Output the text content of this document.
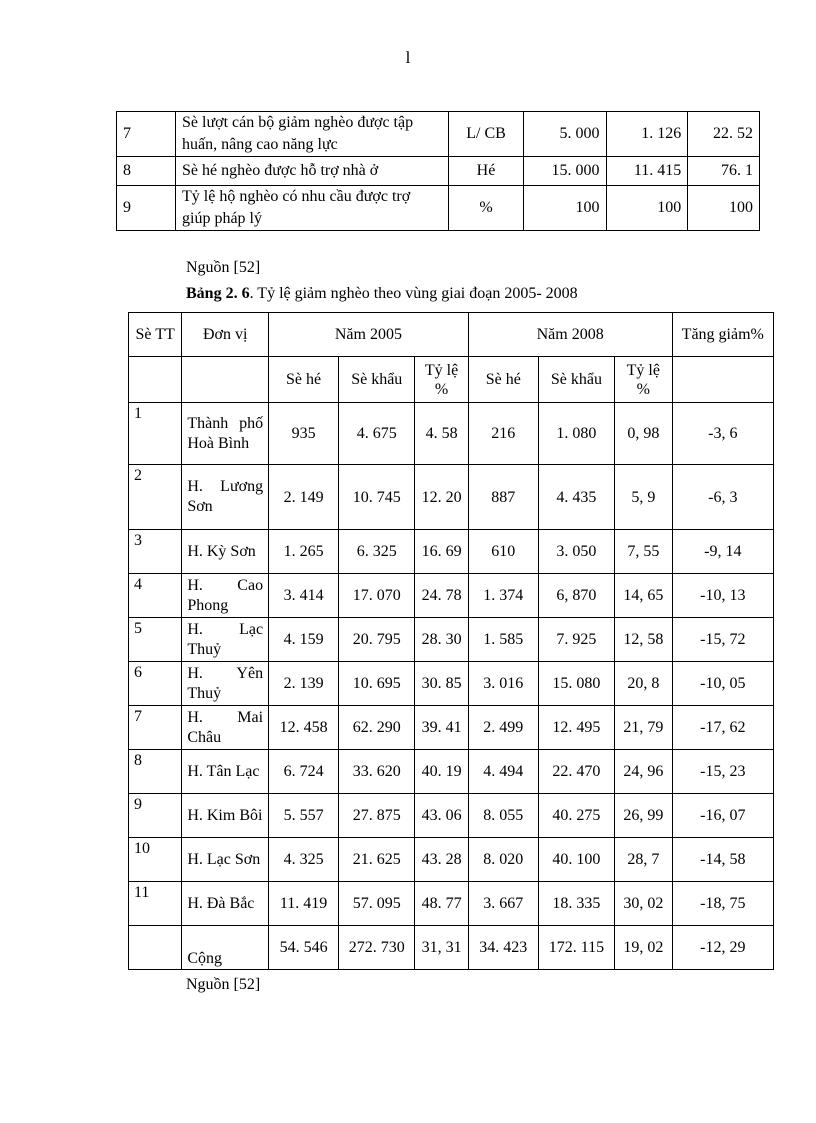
l
7	Sè lượt cán bộ giảm nghèo được tập huấn, nâng cao năng lực	L/ CB	5. 000	1. 126	22. 52
8	Sè hé nghèo được hỗ trợ nhà ở	Hé	15. 000	11. 415	76. 1
9	Tỷ lệ hộ nghèo có nhu cầu được trợ giúp pháp lý	%	100	100	100
Nguồn [52]
Bảng 2. 6. Tỷ lệ giảm nghèo theo vùng giai đoạn 2005- 2008
Sè TT	Đơn vị	Năm 2005			Năm 2008			Tăng giảm%
		Sè hé	Sè khẩu	Tỷ lệ %	Sè hé	Sè khẩu	Tỷ lệ %	
1	Thành phố Hoà Bình	935	4. 675	4. 58	216	1. 080	0, 98	-3, 6
2	H. Lương Sơn	2. 149	10. 745	12. 20	887	4. 435	5, 9	-6, 3
3	H. Kỳ Sơn	1. 265	6. 325	16. 69	610	3. 050	7, 55	-9, 14
4	H. Cao Phong	3. 414	17. 070	24. 78	1. 374	6, 870	14, 65	-10, 13
5	H. Lạc Thuỷ	4. 159	20. 795	28. 30	1. 585	7. 925	12, 58	-15, 72
6	H. Yên Thuỷ	2. 139	10. 695	30. 85	3. 016	15. 080	20, 8	-10, 05
7	H. Mai Châu	12. 458	62. 290	39. 41	2. 499	12. 495	21, 79	-17, 62
8	H. Tân Lạc	6. 724	33. 620	40. 19	4. 494	22. 470	24, 96	-15, 23
9	H. Kim Bôi	5. 557	27. 875	43. 06	8. 055	40. 275	26, 99	-16, 07
10	H. Lạc Sơn	4. 325	21. 625	43. 28	8. 020	40. 100	28, 7	-14, 58
11	H. Đà Bắc	11. 419	57. 095	48. 77	3. 667	18. 335	30, 02	-18, 75
	Cộng	54. 546	272. 730	31, 31	34. 423	172. 115	19, 02	-12, 29
Nguồn [52]
